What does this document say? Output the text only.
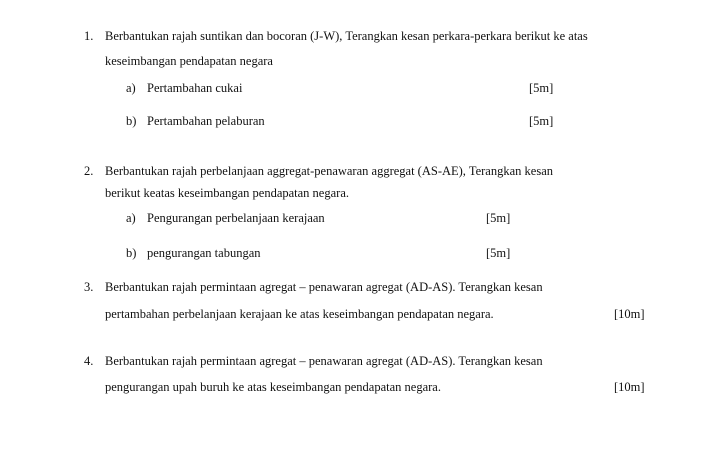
1. Berbantukan rajah suntikan dan bocoran (J-W), Terangkan kesan perkara-perkara berikut ke atas
keseimbangan pendapatan negara
a) Pertambahan cukai	[5m]
b) Pertambahan pelaburan	[5m]
2. Berbantukan rajah perbelanjaan aggregat-penawaran aggregat (AS-AE), Terangkan kesan
berikut keatas keseimbangan pendapatan negara.
a) Pengurangan perbelanjaan kerajaan	[5m]
b) pengurangan tabungan	[5m]
3. Berbantukan rajah permintaan agregat – penawaran agregat (AD-AS). Terangkan kesan
pertambahan perbelanjaan kerajaan ke atas keseimbangan pendapatan negara.	[10m]
4. Berbantukan rajah permintaan agregat – penawaran agregat (AD-AS). Terangkan kesan
pengurangan upah buruh ke atas keseimbangan pendapatan negara.	[10m]
